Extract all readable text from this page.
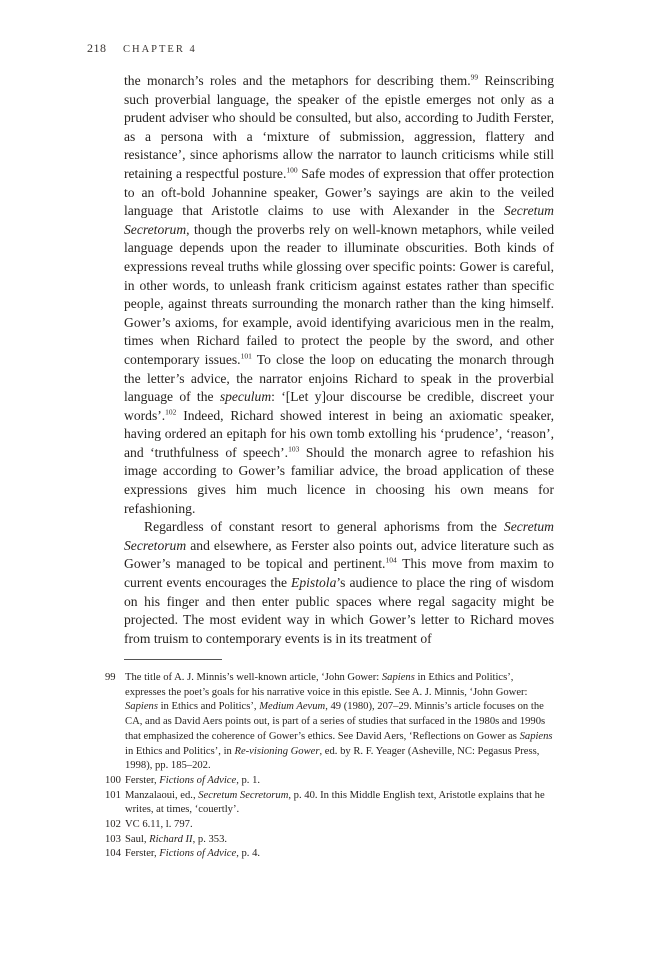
218 CHAPTER 4

the monarch’s roles and the metaphors for describing them.$^{99}$ Reinscribing such proverbial language, the speaker of the epistle emerges not only as a prudent adviser who should be consulted, but also, according to Judith Ferster, as a persona with a ‘mixture of submission, aggression, flattery and resistance’, since aphorisms allow the narrator to launch criticisms while still retaining a respectful posture.$^{100}$ Safe modes of expression that offer protection to an oft-bold Johannine speaker, Gower’s sayings are akin to the veiled language that Aristotle claims to use with Alexander in the Secretum Secretorum, though the proverbs rely on well-known metaphors, while veiled language depends upon the reader to illuminate obscurities. Both kinds of expressions reveal truths while glossing over specific points: Gower is careful, in other words, to unleash frank criticism against estates rather than specific people, against threats surrounding the monarch rather than the king himself. Gower’s axioms, for example, avoid identifying avaricious men in the realm, times when Richard failed to protect the people by the sword, and other contemporary issues.$^{101}$ To close the loop on educating the monarch through the letter’s advice, the narrator enjoins Richard to speak in the proverbial language of the speculum: ‘[Let y]our discourse be credible, discreet your words’.$^{102}$ Indeed, Richard showed interest in being an axiomatic speaker, having ordered an epitaph for his own tomb extolling his ‘prudence’, ‘reason’, and ‘truthfulness of speech’.$^{103}$ Should the monarch agree to refashion his image according to Gower’s familiar advice, the broad application of these expressions gives him much licence in choosing his own means for refashioning.

Regardless of constant resort to general aphorisms from the Secretum Secretorum and elsewhere, as Ferster also points out, advice literature such as Gower’s managed to be topical and pertinent.$^{104}$ This move from maxim to current events encourages the Epistola’s audience to place the ring of wisdom on his finger and then enter public spaces where regal sagacity might be projected. The most evident way in which Gower’s letter to Richard moves from truism to contemporary events is in its treatment of

99 The title of A. J. Minnis’s well-known article, ‘John Gower: Sapiens in Ethics and Politics’, expresses the poet’s goals for his narrative voice in this epistle. See A. J. Minnis, ‘John Gower: Sapiens in Ethics and Politics’, Medium Aevum, 49 (1980), 207–29. Minnis’s article focuses on the CA, and as David Aers points out, is part of a series of studies that surfaced in the 1980s and 1990s that emphasized the coherence of Gower’s ethics. See David Aers, ‘Reflections on Gower as Sapiens in Ethics and Politics’, in Re-visioning Gower, ed. by R. F. Yeager (Asheville, NC: Pegasus Press, 1998), pp. 185–202.
100 Ferster, Fictions of Advice, p. 1.
101 Manzalaoui, ed., Secretum Secretorum, p. 40. In this Middle English text, Aristotle explains that he writes, at times, ‘couertly’.
102 VC 6.11, l. 797.
103 Saul, Richard II, p. 353.
104 Ferster, Fictions of Advice, p. 4.
